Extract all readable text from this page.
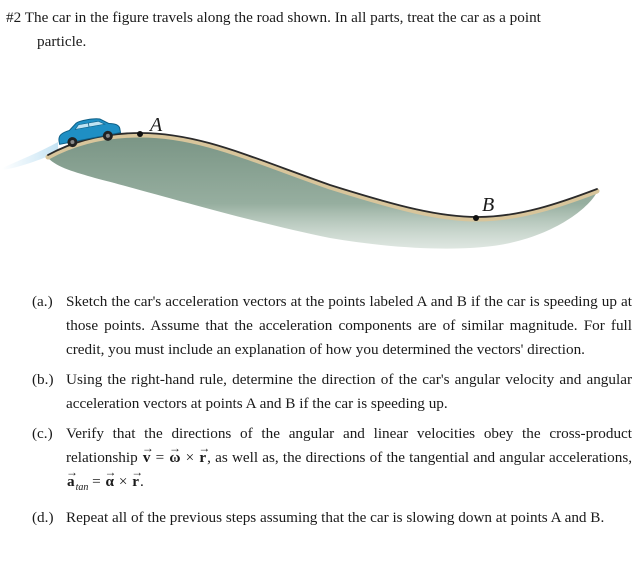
#2 The car in the figure travels along the road shown. In all parts, treat the car as a point
particle.
A
B
(a.) Sketch the car's acceleration vectors at the points labeled A and B if the car is speeding up at those points. Assume that the acceleration components are of similar magnitude. For full credit, you must include an explanation of how you determined the vectors' direction.
(b.) Using the right-hand rule, determine the direction of the car's angular velocity and angular acceleration vectors at points A and B if the car is speeding up.
(c.) Verify that the directions of the angular and linear velocities obey the cross-product relationship → v = → ω × → r, as well as, the directions of the tangential and angular accelerations, → $a_{tan}$ = → α × → r.
(d.) Repeat all of the previous steps assuming that the car is slowing down at points A and B.
